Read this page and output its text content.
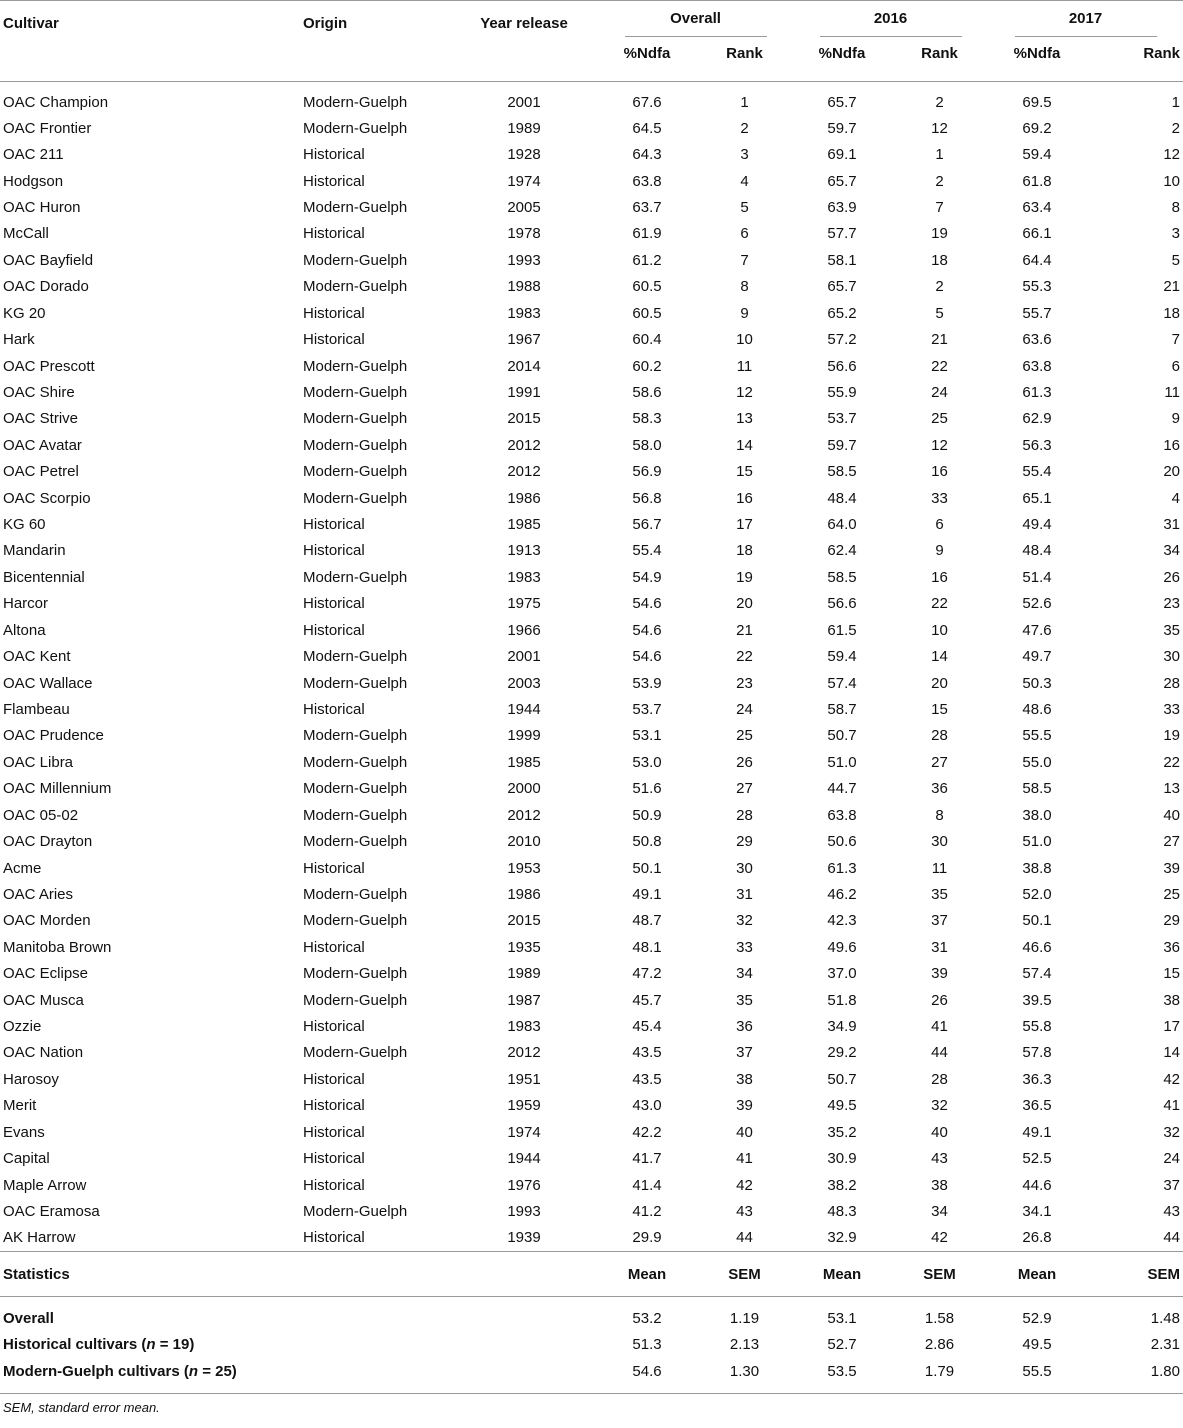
Cultivar	Origin	Year release	Overall		2016		2017	
			%Ndfa	Rank	%Ndfa	Rank	%Ndfa	Rank
OAC Champion	Modern-Guelph	2001	67.6	1	65.7	2	69.5	1
OAC Frontier	Modern-Guelph	1989	64.5	2	59.7	12	69.2	2
OAC 211	Historical	1928	64.3	3	69.1	1	59.4	12
Hodgson	Historical	1974	63.8	4	65.7	2	61.8	10
OAC Huron	Modern-Guelph	2005	63.7	5	63.9	7	63.4	8
McCall	Historical	1978	61.9	6	57.7	19	66.1	3
OAC Bayfield	Modern-Guelph	1993	61.2	7	58.1	18	64.4	5
OAC Dorado	Modern-Guelph	1988	60.5	8	65.7	2	55.3	21
KG 20	Historical	1983	60.5	9	65.2	5	55.7	18
Hark	Historical	1967	60.4	10	57.2	21	63.6	7
OAC Prescott	Modern-Guelph	2014	60.2	11	56.6	22	63.8	6
OAC Shire	Modern-Guelph	1991	58.6	12	55.9	24	61.3	11
OAC Strive	Modern-Guelph	2015	58.3	13	53.7	25	62.9	9
OAC Avatar	Modern-Guelph	2012	58.0	14	59.7	12	56.3	16
OAC Petrel	Modern-Guelph	2012	56.9	15	58.5	16	55.4	20
OAC Scorpio	Modern-Guelph	1986	56.8	16	48.4	33	65.1	4
KG 60	Historical	1985	56.7	17	64.0	6	49.4	31
Mandarin	Historical	1913	55.4	18	62.4	9	48.4	34
Bicentennial	Modern-Guelph	1983	54.9	19	58.5	16	51.4	26
Harcor	Historical	1975	54.6	20	56.6	22	52.6	23
Altona	Historical	1966	54.6	21	61.5	10	47.6	35
OAC Kent	Modern-Guelph	2001	54.6	22	59.4	14	49.7	30
OAC Wallace	Modern-Guelph	2003	53.9	23	57.4	20	50.3	28
Flambeau	Historical	1944	53.7	24	58.7	15	48.6	33
OAC Prudence	Modern-Guelph	1999	53.1	25	50.7	28	55.5	19
OAC Libra	Modern-Guelph	1985	53.0	26	51.0	27	55.0	22
OAC Millennium	Modern-Guelph	2000	51.6	27	44.7	36	58.5	13
OAC 05-02	Modern-Guelph	2012	50.9	28	63.8	8	38.0	40
OAC Drayton	Modern-Guelph	2010	50.8	29	50.6	30	51.0	27
Acme	Historical	1953	50.1	30	61.3	11	38.8	39
OAC Aries	Modern-Guelph	1986	49.1	31	46.2	35	52.0	25
OAC Morden	Modern-Guelph	2015	48.7	32	42.3	37	50.1	29
Manitoba Brown	Historical	1935	48.1	33	49.6	31	46.6	36
OAC Eclipse	Modern-Guelph	1989	47.2	34	37.0	39	57.4	15
OAC Musca	Modern-Guelph	1987	45.7	35	51.8	26	39.5	38
Ozzie	Historical	1983	45.4	36	34.9	41	55.8	17
OAC Nation	Modern-Guelph	2012	43.5	37	29.2	44	57.8	14
Harosoy	Historical	1951	43.5	38	50.7	28	36.3	42
Merit	Historical	1959	43.0	39	49.5	32	36.5	41
Evans	Historical	1974	42.2	40	35.2	40	49.1	32
Capital	Historical	1944	41.7	41	30.9	43	52.5	24
Maple Arrow	Historical	1976	41.4	42	38.2	38	44.6	37
OAC Eramosa	Modern-Guelph	1993	41.2	43	48.3	34	34.1	43
AK Harrow	Historical	1939	29.9	44	32.9	42	26.8	44
Statistics			Mean	SEM	Mean	SEM	Mean	SEM
Overall			53.2	1.19	53.1	1.58	52.9	1.48
Historical cultivars (n = 19)			51.3	2.13	52.7	2.86	49.5	2.31
Modern-Guelph cultivars (n = 25)			54.6	1.30	53.5	1.79	55.5	1.80
SEM, standard error mean.
